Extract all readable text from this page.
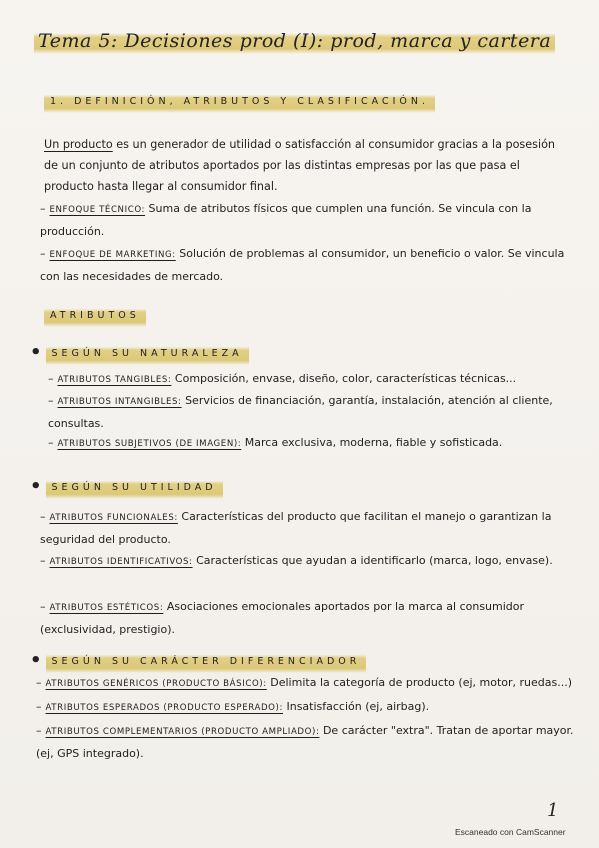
Tema 5: Decisiones prod (I): prod, marca y cartera
1. DEFINICIÓN, ATRIBUTOS Y CLASIFICACIÓN.
Un producto es un generador de utilidad o satisfacción al consumidor gracias a la posesión de un conjunto de atributos aportados por las distintas empresas por las que pasa el producto hasta llegar al consumidor final.
– ENFOQUE TÉCNICO: Suma de atributos físicos que cumplen una función. Se vincula con la producción.
– ENFOQUE DE MARKETING: Solución de problemas al consumidor, un beneficio o valor. Se vincula con las necesidades de mercado.
ATRIBUTOS
• SEGÚN SU NATURALEZA
– ATRIBUTOS TANGIBLES: Composición, envase, diseño, color, características técnicas...
– ATRIBUTOS INTANGIBLES: Servicios de financiación, garantía, instalación, atención al cliente, consultas.
– ATRIBUTOS SUBJETIVOS (DE IMAGEN): Marca exclusiva, moderna, fiable y sofisticada.
• SEGÚN SU UTILIDAD
– ATRIBUTOS FUNCIONALES: Características del producto que facilitan el manejo o garantizan la seguridad del producto.
– ATRIBUTOS IDENTIFICATIVOS: Características que ayudan a identificarlo (marca, logo, envase).
– ATRIBUTOS ESTÉTICOS: Asociaciones emocionales aportados por la marca al consumidor (exclusividad, prestigio).
• SEGÚN SU CARÁCTER DIFERENCIADOR
– ATRIBUTOS GENÉRICOS (PRODUCTO BÁSICO): Delimita la categoría de producto (ej, motor, ruedas...)
– ATRIBUTOS ESPERADOS (PRODUCTO ESPERADO): Insatisfacción (ej, airbag).
– ATRIBUTOS COMPLEMENTARIOS (PRODUCTO AMPLIADO): De carácter "extra". Tratan de aportar mayor. (ej, GPS integrado).
1
Escaneado con CamScanner
